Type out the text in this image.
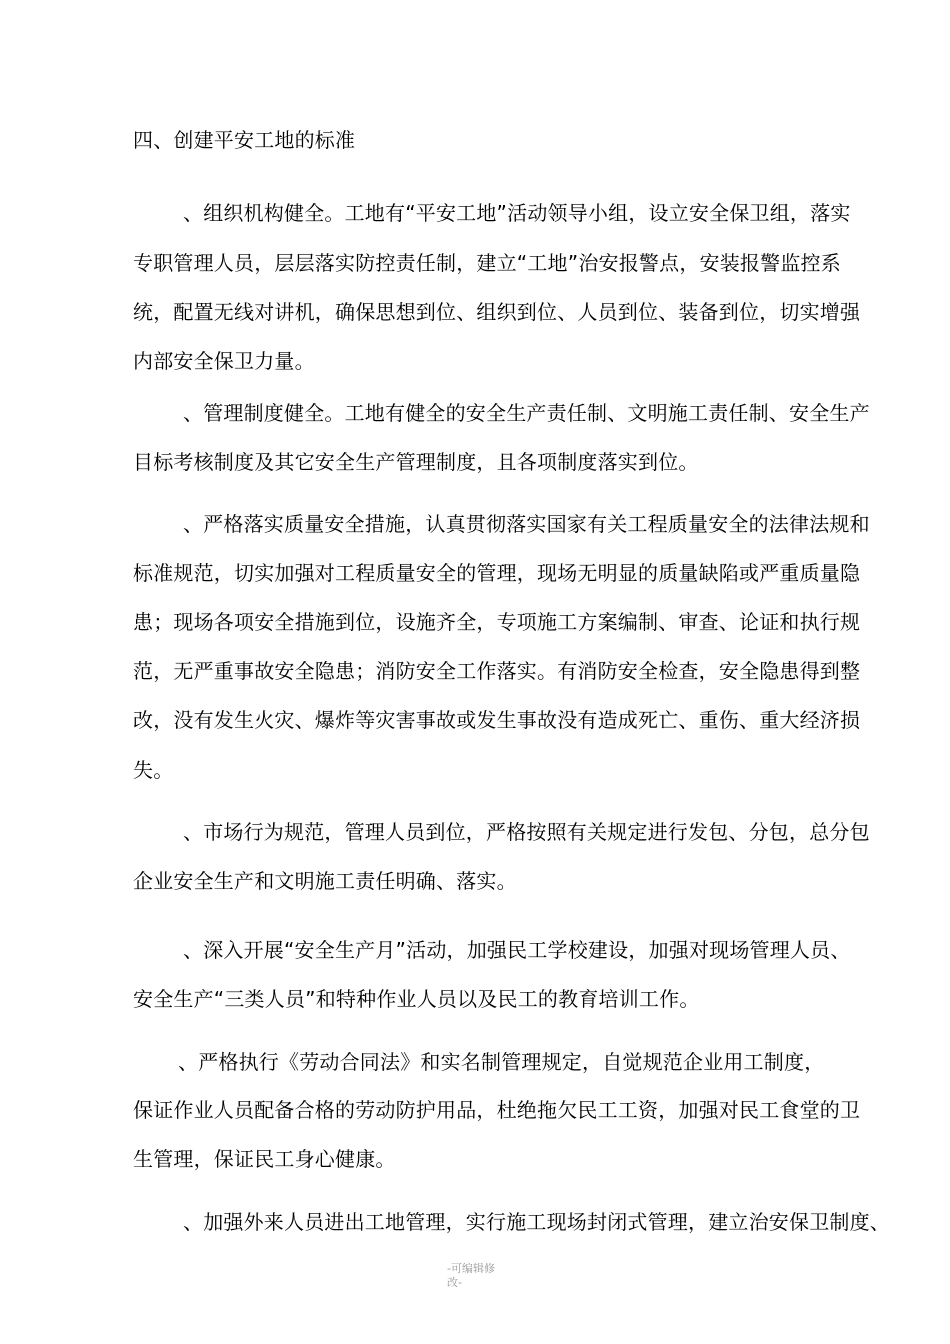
四、创建平安工地的标准
、组织机构健全。工地有“平安工地”活动领导小组，设立安全保卫组，落实
专职管理人员，层层落实防控责任制，建立“工地”治安报警点，安装报警监控系
统，配置无线对讲机，确保思想到位、组织到位、人员到位、装备到位，切实增强
内部安全保卫力量。
、管理制度健全。工地有健全的安全生产责任制、文明施工责任制、安全生产
目标考核制度及其它安全生产管理制度，且各项制度落实到位。
、严格落实质量安全措施，认真贯彻落实国家有关工程质量安全的法律法规和
标准规范，切实加强对工程质量安全的管理，现场无明显的质量缺陷或严重质量隐
患；现场各项安全措施到位，设施齐全，专项施工方案编制、审查、论证和执行规
范，无严重事故安全隐患；消防安全工作落实。有消防安全检查，安全隐患得到整
改，没有发生火灾、爆炸等灾害事故或发生事故没有造成死亡、重伤、重大经济损
失。
、市场行为规范，管理人员到位，严格按照有关规定进行发包、分包，总分包
企业安全生产和文明施工责任明确、落实。
、深入开展“安全生产月”活动，加强民工学校建设，加强对现场管理人员、
安全生产“三类人员”和特种作业人员以及民工的教育培训工作。
、严格执行《劳动合同法》和实名制管理规定，自觉规范企业用工制度，
保证作业人员配备合格的劳动防护用品，杜绝拖欠民工工资，加强对民工食堂的卫
生管理，保证民工身心健康。
、加强外来人员进出工地管理，实行施工现场封闭式管理，建立治安保卫制度、
-可编辑修
改-
